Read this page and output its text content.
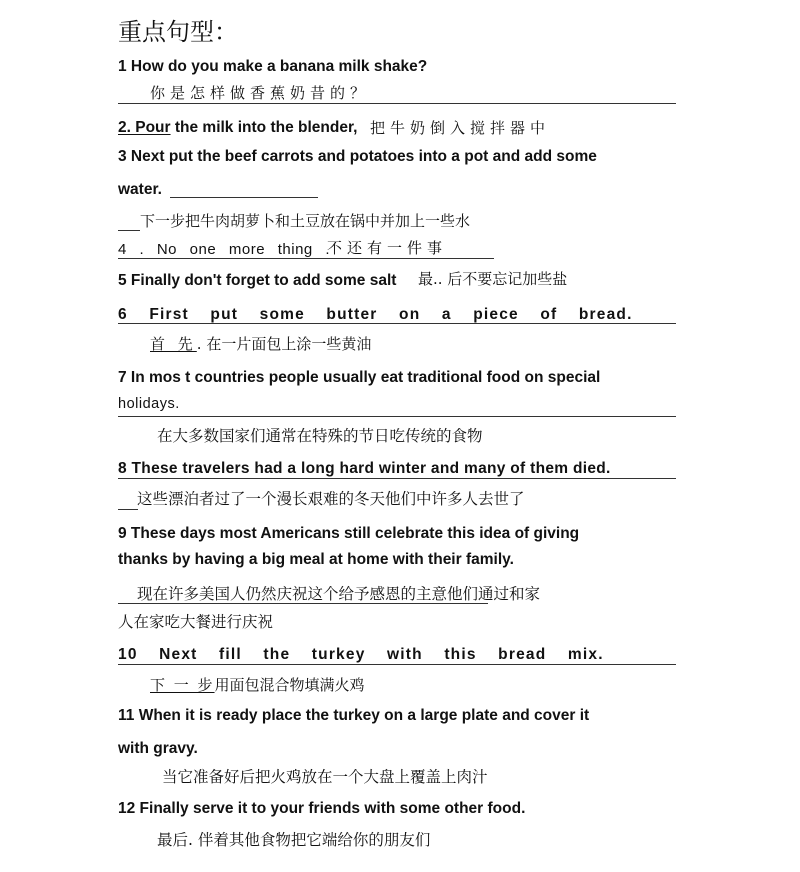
重点句型：
1 How do you make a banana milk shake?
你是怎样做香蕉奶昔的？
2. Pour the milk into the blender, 把牛奶倒入搅拌器中
3 Next put the beef carrots and potatoes into a pot and add some
water.
下一步把牛肉胡萝卜和土豆放在锅中并加上一些水
4 . No one more thing .
不还有一件事
5 Finally don't forget to add some salt 最.. 后不要忘记加些盐
6 First put some butter on a piece of bread.
首 先. 在一片面包上涂一些黄油
7 In mos t countries people usually eat traditional food on special
holidays.
在大多数国家们通常在特殊的节日吃传统的食物
8 These travelers had a long hard winter and many of them died.
这些漂泊者过了一个漫长艰难的冬天他们中许多人去世了
9 These days most Americans still celebrate this idea of giving
thanks by having a big meal at home with their family.
现在许多美国人仍然庆祝这个给予感恩的主意他们通过和家
人在家吃大餐进行庆祝
10 Next fill the turkey with this bread mix.
下 一 步用面包混合物填满火鸡
11 When it is ready place the turkey on a large plate and cover it
with gravy.
当它准备好后把火鸡放在一个大盘上覆盖上肉汁
12 Finally serve it to your friends with some other food.
最后. 伴着其他食物把它端给你的朋友们
